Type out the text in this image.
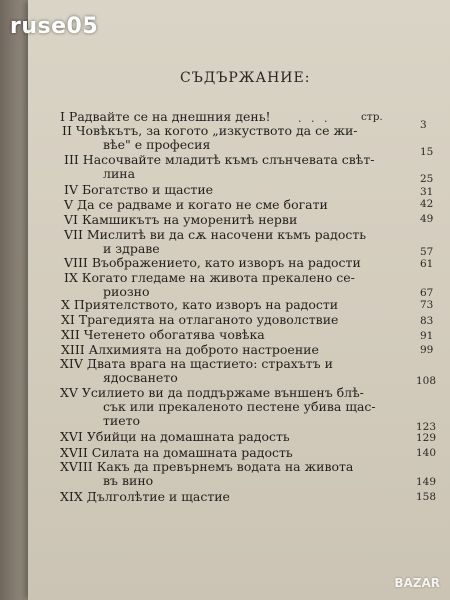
СЪДЪРЖАНИЕ:
I Радвайте се на днешния день! . . .	стр.
3
II Човѣкътъ, за когото „изкуството да се жи-
вѣе" е професия	15
III Насочвайте младитѣ къмъ слънчевата свѣт-
лина	25
IV Богатство и щастие	31
V Да се радваме и когато не сме богати	42
VI Камшикътъ на уморенитѣ нерви	49
VII Мислитѣ ви да сѫ насочени къмъ радость
и здраве	57
VIII Въображението, като изворъ на радости	61
IX Когато гледаме на живота прекалено се-
риозно	67
X Приятелството, като изворъ на радости	73
XI Трагедията на отлаганото удоволствие	83
XII Четенето обогатява човѣка	91
XIII Алхимията на доброто настроение	99
XIV Двата врага на щастието: страхътъ и
ядосването	108
XV Усилието ви да поддържаме външенъ блѣ-
сък или прекаленото пестене убива щас-
тието	123
XVI Убийци на домашната радость	129
XVII Силата на домашната радость	140
XVIII Какъ да превърнемъ водата на живота
въ вино	149
XIX Дълголѣтие и щастие	158
ruse05
BAZAR
